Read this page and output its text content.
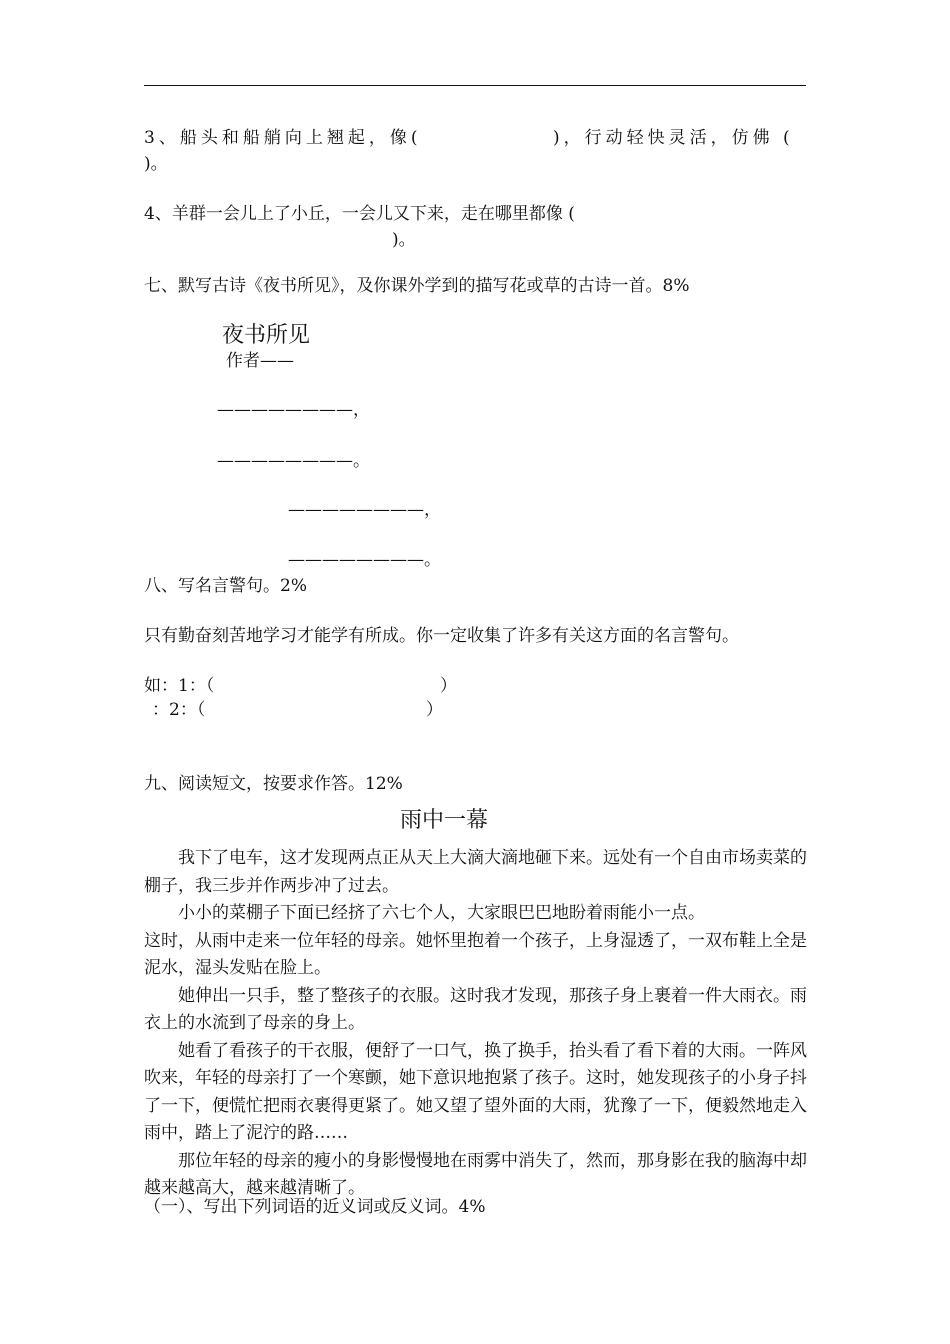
3、船头和船艄向上翘起，像(	)，行动轻快灵活，仿佛 (
)。
4、羊群一会儿上了小丘，一会儿又下来，走在哪里都像 (
)。
七、默写古诗《夜书所见》，及你课外学到的描写花或草的古诗一首。8%
夜书所见
作者——
————————，
————————。
————————，
————————。
八、写名言警句。2%
只有勤奋刻苦地学习才能学有所成。你一定收集了许多有关这方面的名言警句。
如：1：（	）
：2：（	）
九、阅读短文，按要求作答。12%
雨中一幕

我下了电车，这才发现两点正从天上大滴大滴地砸下来。远处有一个自由市场卖菜的棚子，我三步并作两步冲了过去。

小小的菜棚子下面已经挤了六七个人，大家眼巴巴地盼着雨能小一点。

这时，从雨中走来一位年轻的母亲。她怀里抱着一个孩子，上身湿透了，一双布鞋上全是泥水，湿头发贴在脸上。

她伸出一只手，整了整孩子的衣服。这时我才发现，那孩子身上裹着一件大雨衣。雨衣上的水流到了母亲的身上。

她看了看孩子的干衣服，便舒了一口气，换了换手，抬头看了看下着的大雨。一阵风吹来，年轻的母亲打了一个寒颤，她下意识地抱紧了孩子。这时，她发现孩子的小身子抖了一下，便慌忙把雨衣裹得更紧了。她又望了望外面的大雨，犹豫了一下，便毅然地走入雨中，踏上了泥泞的路……

那位年轻的母亲的瘦小的身影慢慢地在雨雾中消失了，然而，那身影在我的脑海中却越来越高大，越来越清晰了。

（一）、写出下列词语的近义词或反义词。4%
